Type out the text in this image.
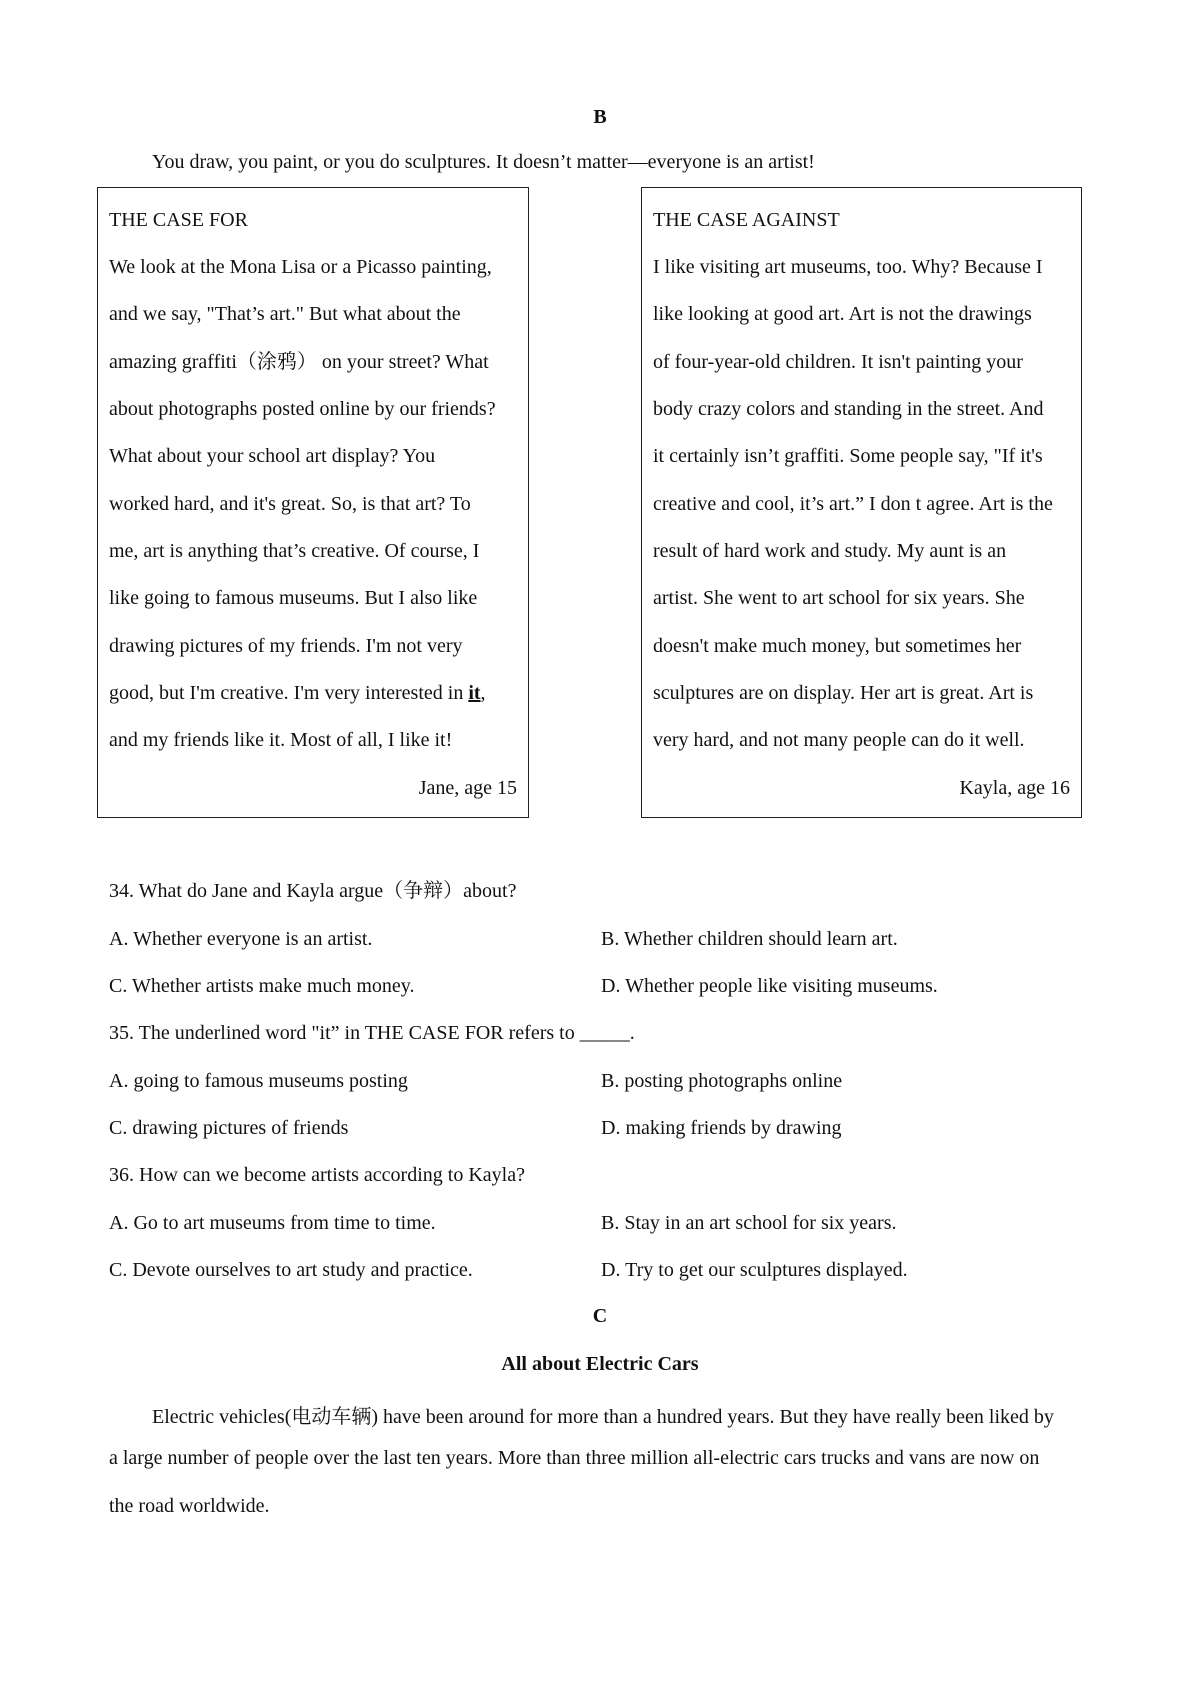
B
You draw, you paint, or you do sculptures. It doesn’t matter—everyone is an artist!
THE CASE FOR
We look at the Mona Lisa or a Picasso painting,
and we say, "That’s art." But what about the
amazing graffiti（涂鸦） on your street? What
about photographs posted online by our friends?
What about your school art display? You
worked hard, and it's great. So, is that art? To
me, art is anything that’s creative. Of course, I
like going to famous museums. But I also like
drawing pictures of my friends. I'm not very
good, but I'm creative. I'm very interested in it,
and my friends like it. Most of all, I like it!
Jane, age 15
THE CASE AGAINST
I like visiting art museums, too. Why? Because I
like looking at good art. Art is not the drawings
of four-year-old children. It isn't painting your
body crazy colors and standing in the street. And
it certainly isn’t graffiti. Some people say, "If it's
creative and cool, it’s art.” I don t agree. Art is the
result of hard work and study. My aunt is an
artist. She went to art school for six years. She
doesn't make much money, but sometimes her
sculptures are on display. Her art is great. Art is
very hard, and not many people can do it well.
Kayla, age 16
34. What do Jane and Kayla argue（争辩）about?
A. Whether everyone is an artist.	B. Whether children should learn art.
C. Whether artists make much money.	D. Whether people like visiting museums.
35. The underlined word "it” in THE CASE FOR refers to _____.
A. going to famous museums posting	B. posting photographs online
C. drawing pictures of friends	D. making friends by drawing
36. How can we become artists according to Kayla?
A. Go to art museums from time to time.	B. Stay in an art school for six years.
C. Devote ourselves to art study and practice.	D. Try to get our sculptures displayed.
C
All about Electric Cars
Electric vehicles(电动车辆) have been around for more than a hundred years. But they have really been liked by
a large number of people over the last ten years. More than three million all-electric cars trucks and vans are now on
the road worldwide.
